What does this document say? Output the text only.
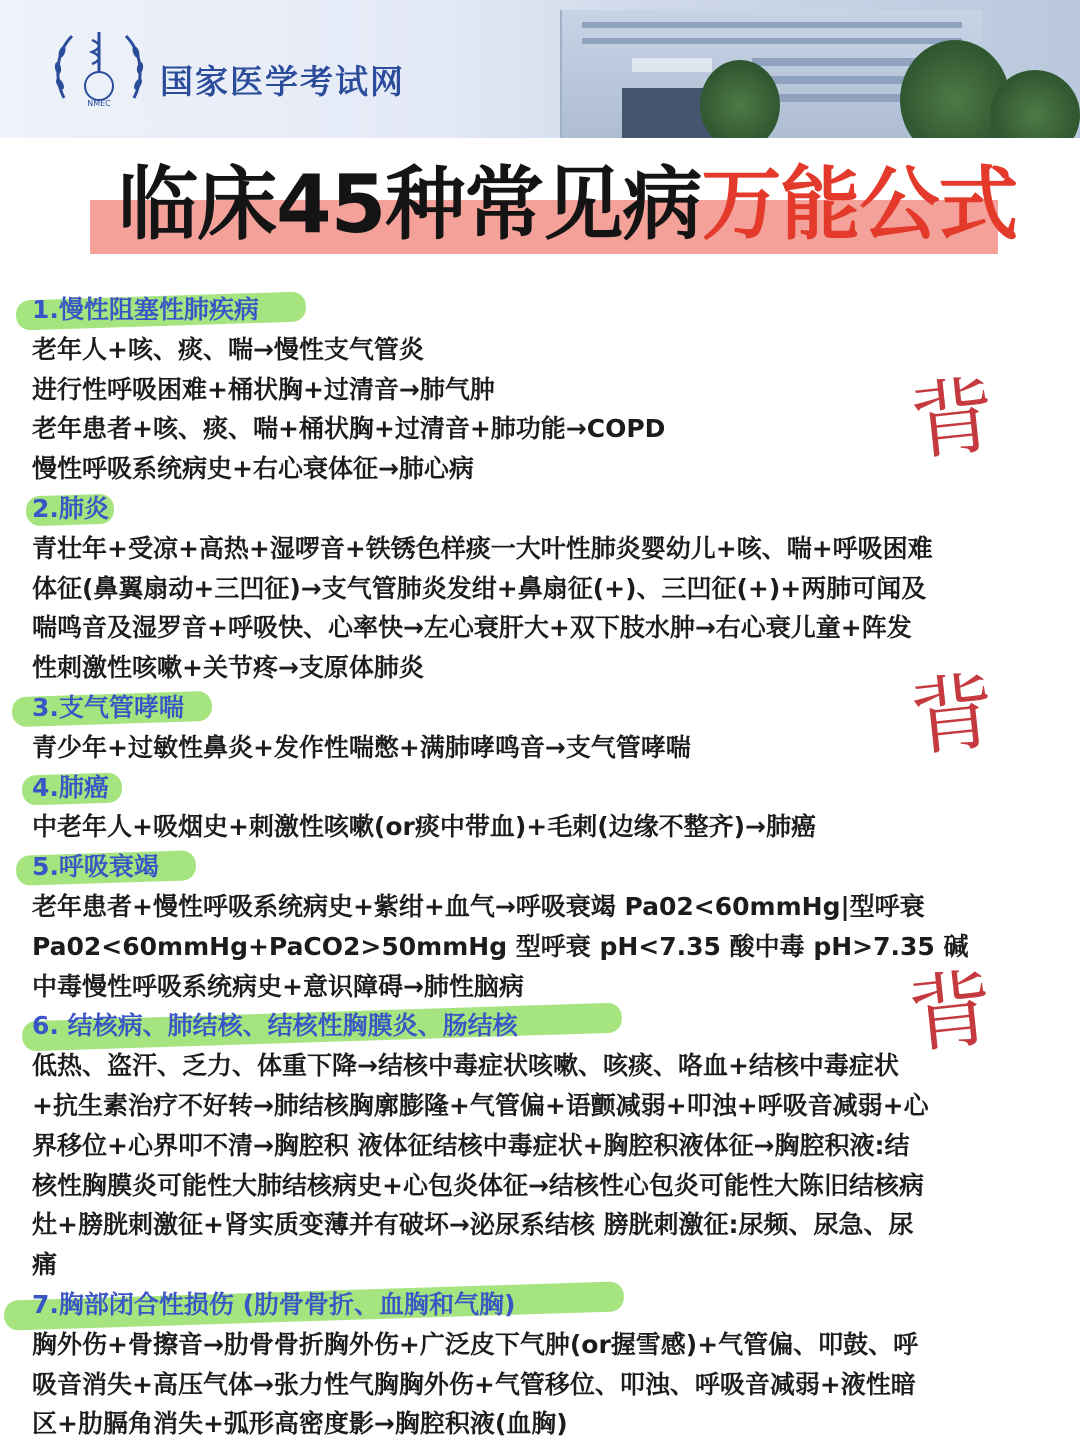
NMEC
国家医学考试网
临床45种常见病万能公式
背
背
背
1.慢性阻塞性肺疾病
老年人+咳、痰、喘→慢性支气管炎
进行性呼吸困难+桶状胸+过清音→肺气肿
老年患者+咳、痰、喘+桶状胸+过清音+肺功能→COPD
慢性呼吸系统病史+右心衰体征→肺心病
2.肺炎
青壮年+受凉+高热+湿啰音+铁锈色样痰一大叶性肺炎婴幼儿+咳、喘+呼吸困难
体征(鼻翼扇动+三凹征)→支气管肺炎发绀+鼻扇征(+)、三凹征(+)+两肺可闻及
喘鸣音及湿罗音+呼吸快、心率快→左心衰肝大+双下肢水肿→右心衰儿童+阵发
性刺激性咳嗽+关节疼→支原体肺炎
3.支气管哮喘
青少年+过敏性鼻炎+发作性喘憋+满肺哮鸣音→支气管哮喘
4.肺癌
中老年人+吸烟史+刺激性咳嗽(or痰中带血)+毛刺(边缘不整齐)→肺癌
5.呼吸衰竭
老年患者+慢性呼吸系统病史+紫绀+血气→呼吸衰竭 Pa02<60mmHg|型呼衰
Pa02<60mmHg+PaCO2>50mmHg 型呼衰 pH<7.35 酸中毒 pH>7.35 碱
中毒慢性呼吸系统病史+意识障碍→肺性脑病
6. 结核病、肺结核、结核性胸膜炎、肠结核
低热、盗汗、乏力、体重下降→结核中毒症状咳嗽、咳痰、咯血+结核中毒症状
+抗生素治疗不好转→肺结核胸廓膨隆+气管偏+语颤减弱+叩浊+呼吸音减弱+心
界移位+心界叩不清→胸腔积 液体征结核中毒症状+胸腔积液体征→胸腔积液:结
核性胸膜炎可能性大肺结核病史+心包炎体征→结核性心包炎可能性大陈旧结核病
灶+膀胱刺激征+肾实质变薄并有破坏→泌尿系结核 膀胱刺激征:尿频、尿急、尿
痛
7.胸部闭合性损伤 (肋骨骨折、血胸和气胸)
胸外伤+骨擦音→肋骨骨折胸外伤+广泛皮下气肿(or握雪感)+气管偏、叩鼓、呼
吸音消失+高压气体→张力性气胸胸外伤+气管移位、叩浊、呼吸音减弱+液性暗
区+肋膈角消失+弧形高密度影→胸腔积液(血胸)
